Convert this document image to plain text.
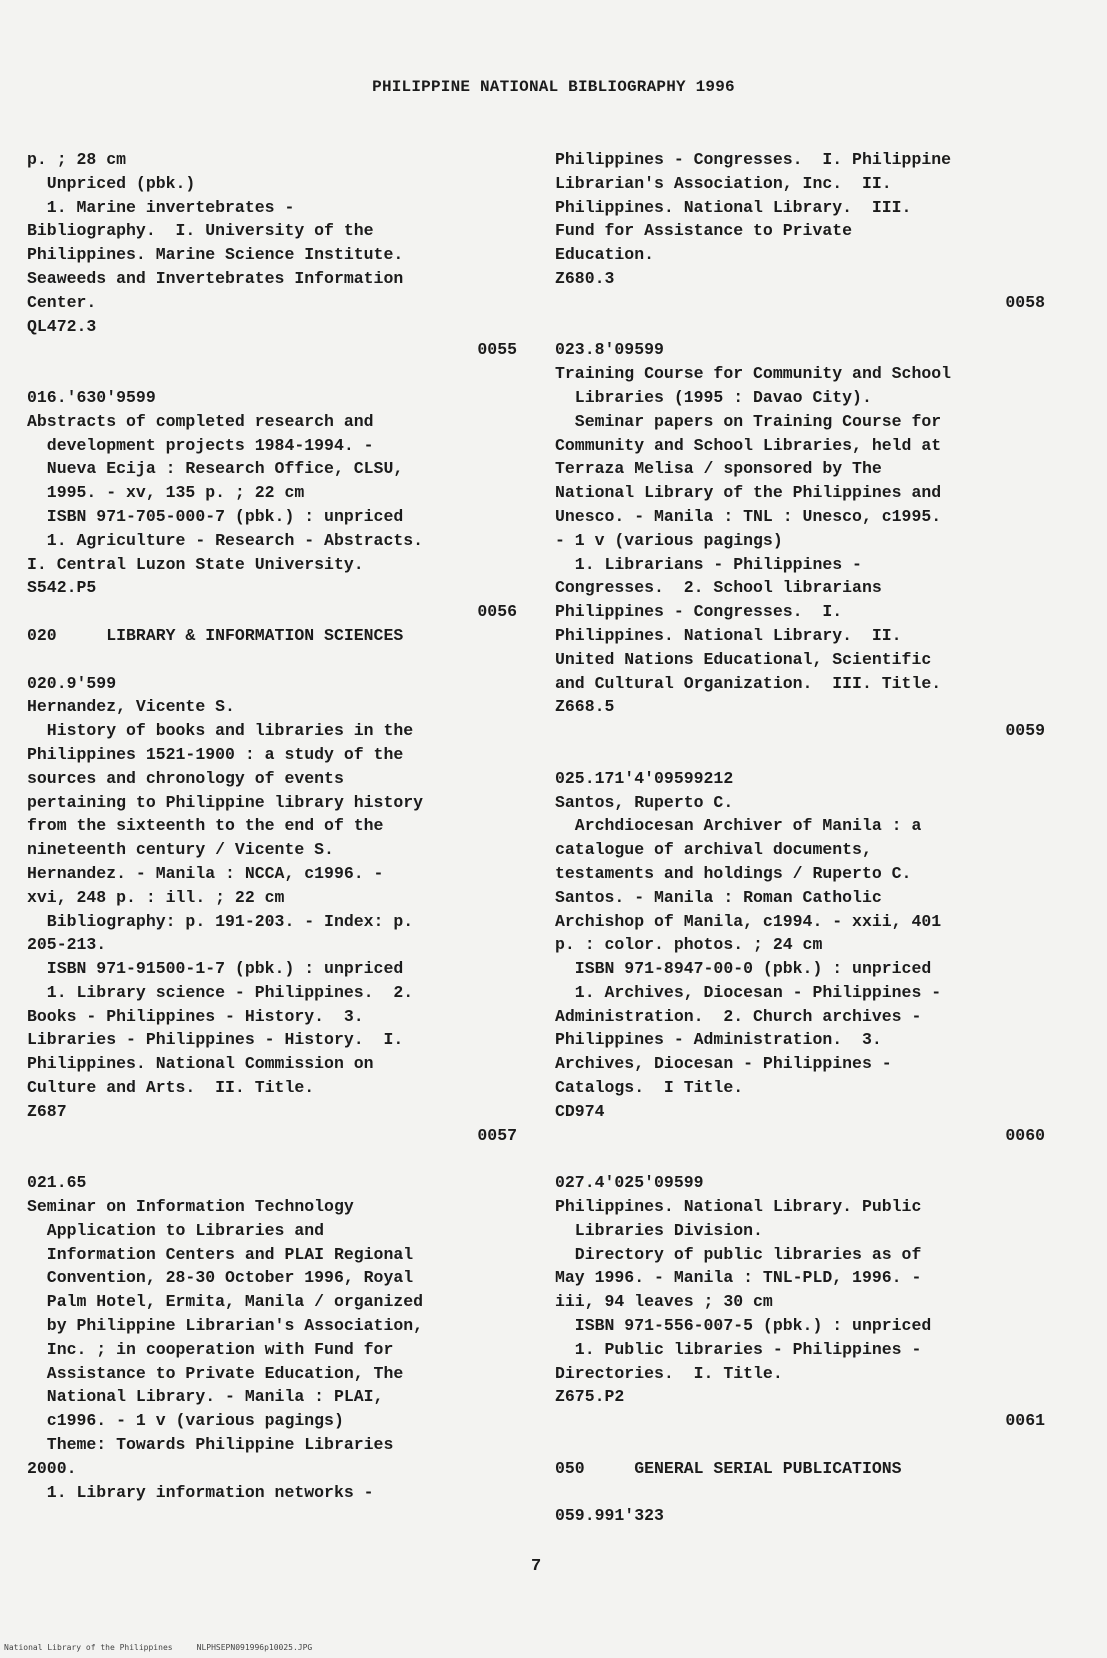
PHILIPPINE NATIONAL BIBLIOGRAPHY 1996
p. ; 28 cm
Unpriced (pbk.)
1. Marine invertebrates -
Bibliography.  I. University of the
Philippines. Marine Science Institute.
Seaweeds and Invertebrates Information
Center.
QL472.3
0055
016.'630'9599
Abstracts of completed research and
development projects 1984-1994. -
Nueva Ecija : Research Office, CLSU,
1995. - xv, 135 p. ; 22 cm
ISBN 971-705-000-7 (pbk.) : unpriced
1. Agriculture - Research - Abstracts.
I. Central Luzon State University.
S542.P5
0056
020     LIBRARY & INFORMATION SCIENCES
020.9'599
Hernandez, Vicente S.
History of books and libraries in the
Philippines 1521-1900 : a study of the
sources and chronology of events
pertaining to Philippine library history
from the sixteenth to the end of the
nineteenth century / Vicente S.
Hernandez. - Manila : NCCA, c1996. -
xvi, 248 p. : ill. ; 22 cm
Bibliography: p. 191-203. - Index: p.
205-213.
ISBN 971-91500-1-7 (pbk.) : unpriced
1. Library science - Philippines.  2.
Books - Philippines - History.  3.
Libraries - Philippines - History.  I.
Philippines. National Commission on
Culture and Arts.  II. Title.
Z687
0057
021.65
Seminar on Information Technology
Application to Libraries and
Information Centers and PLAI Regional
Convention, 28-30 October 1996, Royal
Palm Hotel, Ermita, Manila / organized
by Philippine Librarian's Association,
Inc. ; in cooperation with Fund for
Assistance to Private Education, The
National Library. - Manila : PLAI,
c1996. - 1 v (various pagings)
Theme: Towards Philippine Libraries
2000.
1. Library information networks -
Philippines - Congresses.  I. Philippine
Librarian's Association, Inc.  II.
Philippines. National Library.  III.
Fund for Assistance to Private
Education.
Z680.3
0058
023.8'09599
Training Course for Community and School
Libraries (1995 : Davao City).
Seminar papers on Training Course for
Community and School Libraries, held at
Terraza Melisa / sponsored by The
National Library of the Philippines and
Unesco. - Manila : TNL : Unesco, c1995.
- 1 v (various pagings)
1. Librarians - Philippines -
Congresses.  2. School librarians
Philippines - Congresses.  I.
Philippines. National Library.  II.
United Nations Educational, Scientific
and Cultural Organization.  III. Title.
Z668.5
0059
025.171'4'09599212
Santos, Ruperto C.
Archdiocesan Archiver of Manila : a
catalogue of archival documents,
testaments and holdings / Ruperto C.
Santos. - Manila : Roman Catholic
Archishop of Manila, c1994. - xxii, 401
p. : color. photos. ; 24 cm
ISBN 971-8947-00-0 (pbk.) : unpriced
1. Archives, Diocesan - Philippines -
Administration.  2. Church archives -
Philippines - Administration.  3.
Archives, Diocesan - Philippines -
Catalogs.  I Title.
CD974
0060
027.4'025'09599
Philippines. National Library. Public
Libraries Division.
Directory of public libraries as of
May 1996. - Manila : TNL-PLD, 1996. -
iii, 94 leaves ; 30 cm
ISBN 971-556-007-5 (pbk.) : unpriced
1. Public libraries - Philippines -
Directories.  I. Title.
Z675.P2
0061
050     GENERAL SERIAL PUBLICATIONS
059.991'323
7
National Library of the Philippines     NLPHSEPN091996p10025.JPG
